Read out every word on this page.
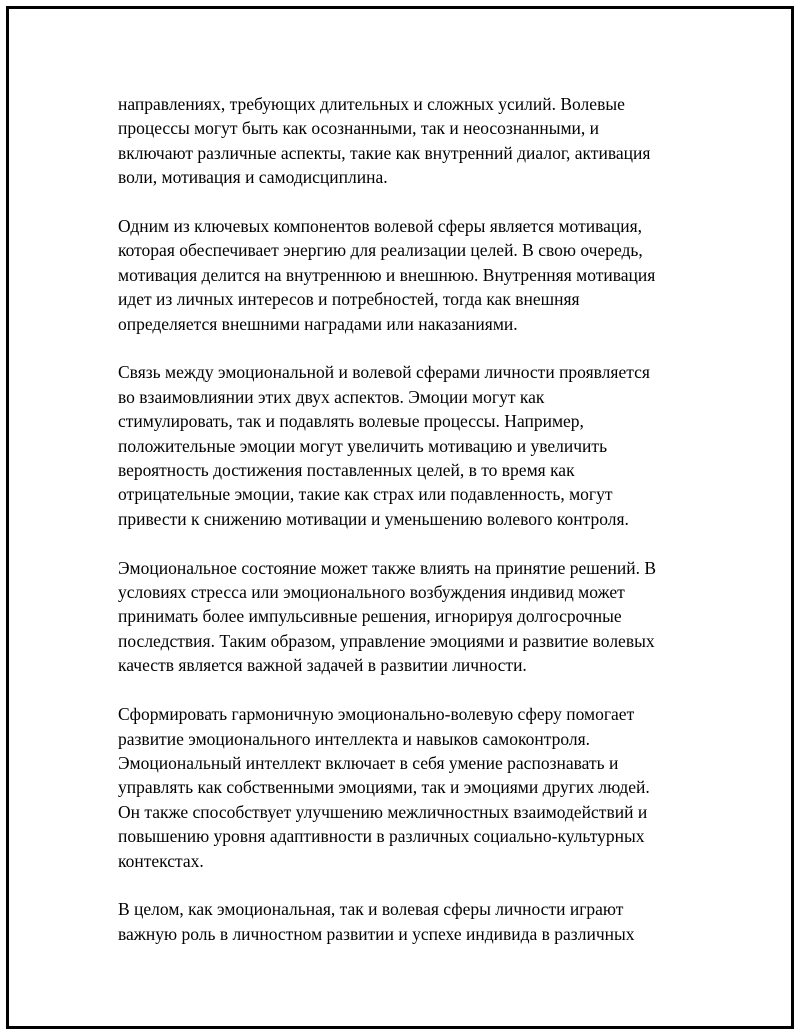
направлениях, требующих длительных и сложных усилий. Волевые
процессы могут быть как осознанными, так и неосознанными, и
включают различные аспекты, такие как внутренний диалог, активация
воли, мотивация и самодисциплина.

Одним из ключевых компонентов волевой сферы является мотивация,
которая обеспечивает энергию для реализации целей. В свою очередь,
мотивация делится на внутреннюю и внешнюю. Внутренняя мотивация
идет из личных интересов и потребностей, тогда как внешняя
определяется внешними наградами или наказаниями.

Связь между эмоциональной и волевой сферами личности проявляется
во взаимовлиянии этих двух аспектов. Эмоции могут как
стимулировать, так и подавлять волевые процессы. Например,
положительные эмоции могут увеличить мотивацию и увеличить
вероятность достижения поставленных целей, в то время как
отрицательные эмоции, такие как страх или подавленность, могут
привести к снижению мотивации и уменьшению волевого контроля.

Эмоциональное состояние может также влиять на принятие решений. В
условиях стресса или эмоционального возбуждения индивид может
принимать более импульсивные решения, игнорируя долгосрочные
последствия. Таким образом, управление эмоциями и развитие волевых
качеств является важной задачей в развитии личности.

Сформировать гармоничную эмоционально-волевую сферу помогает
развитие эмоционального интеллекта и навыков самоконтроля.
Эмоциональный интеллект включает в себя умение распознавать и
управлять как собственными эмоциями, так и эмоциями других людей.
Он также способствует улучшению межличностных взаимодействий и
повышению уровня адаптивности в различных социально-культурных
контекстах.

В целом, как эмоциональная, так и волевая сферы личности играют
важную роль в личностном развитии и успехе индивида в различных
